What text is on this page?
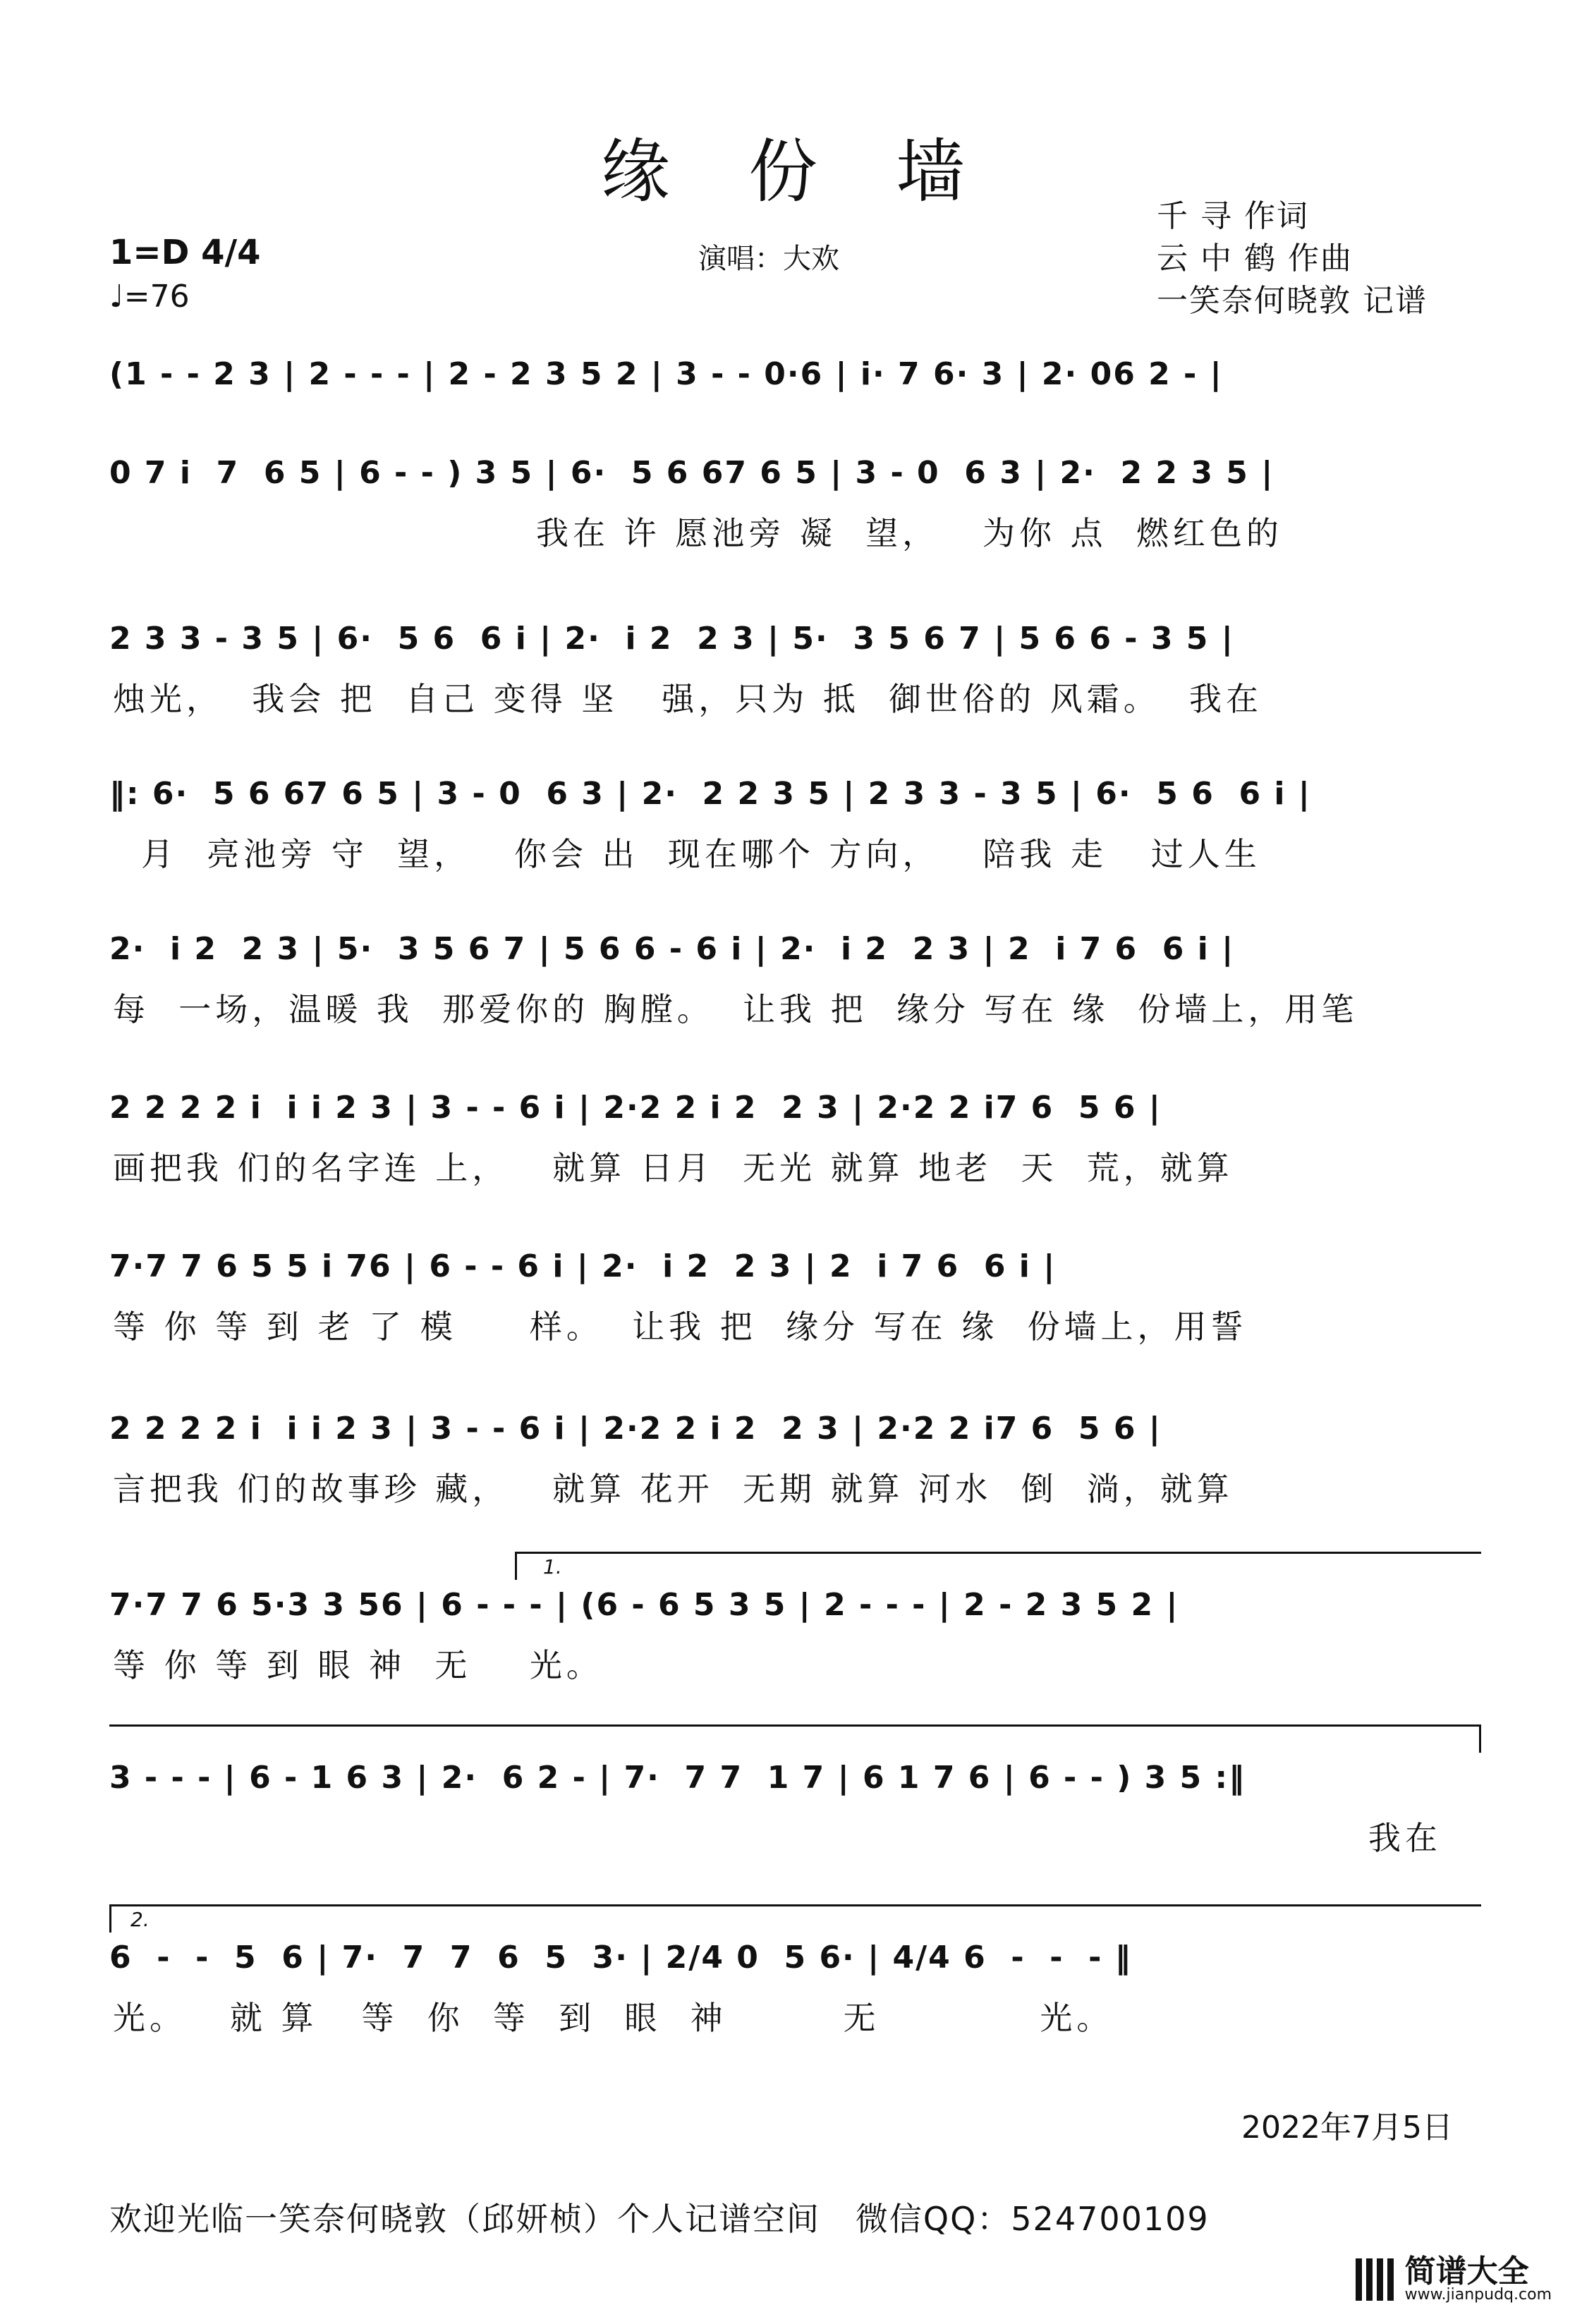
缘 份 墙
千 寻 作词
云 中 鹤 作曲
一笑奈何晓敦 记谱
1=D 4/4
♩=76
演唱：大欢
(1 - - 2 3 | 2 - - - | 2 - 2 3 5 2 | 3 - - 0·6 | i· 7 6· 3 | 2· 06 2 - |
0 7 i  7  6 5 | 6 - - ) 3 5 | 6·  5 6 67 6 5 | 3 - 0  6 3 | 2·  2 2 3 5 |
我在 许 愿池旁 凝  望，   为你 点  燃红色的
2 3 3 - 3 5 | 6·  5 6  6 i | 2·  i 2  2 3 | 5·  3 5 6 7 | 5 6 6 - 3 5 |
烛光，  我会 把  自己 变得 坚   强，只为 抵  御世俗的 风霜。  我在
‖: 6·  5 6 67 6 5 | 3 - 0  6 3 | 2·  2 2 3 5 | 2 3 3 - 3 5 | 6·  5 6  6 i |
月  亮池旁 守  望，   你会 出  现在哪个 方向，   陪我 走   过人生
2·  i 2  2 3 | 5·  3 5 6 7 | 5 6 6 - 6 i | 2·  i 2  2 3 | 2  i 7 6  6 i |
每  一场，温暖 我  那爱你的 胸膛。  让我 把  缘分 写在 缘  份墙上，用笔
2 2 2 2 i  i i 2 3 | 3 - - 6 i | 2·2 2 i 2  2 3 | 2·2 2 i7 6  5 6 |
画把我 们的名字连 上，   就算 日月  无光 就算 地老  天  荒，就算
7·7 7 6 5 5 i 76 | 6 - - 6 i | 2·  i 2  2 3 | 2  i 7 6  6 i |
等 你 等 到 老 了 模     样。  让我 把  缘分 写在 缘  份墙上，用誓
2 2 2 2 i  i i 2 3 | 3 - - 6 i | 2·2 2 i 2  2 3 | 2·2 2 i7 6  5 6 |
言把我 们的故事珍 藏，   就算 花开  无期 就算 河水  倒  淌，就算
1.
7·7 7 6 5·3 3 56 | 6 - - - | (6 - 6 5 3 5 | 2 - - - | 2 - 2 3 5 2 |
等 你 等 到 眼 神  无    光。
3 - - - | 6 - 1 6 3 | 2·  6 2 - | 7·  7 7  1 7 | 6 1 7 6 | 6 - - ) 3 5 :‖
我在
2.
6  -  -  5  6 | 7·  7  7  6  5  3· | 2/4 0  5 6· | 4/4 6  -  -  - ‖
光。   就 算   等  你  等  到  眼  神        无           光。
2022年7月5日
欢迎光临一笑奈何晓敦（邱妍桢）个人记谱空间   微信QQ：524700109
简谱大全
www.jianpudq.com
